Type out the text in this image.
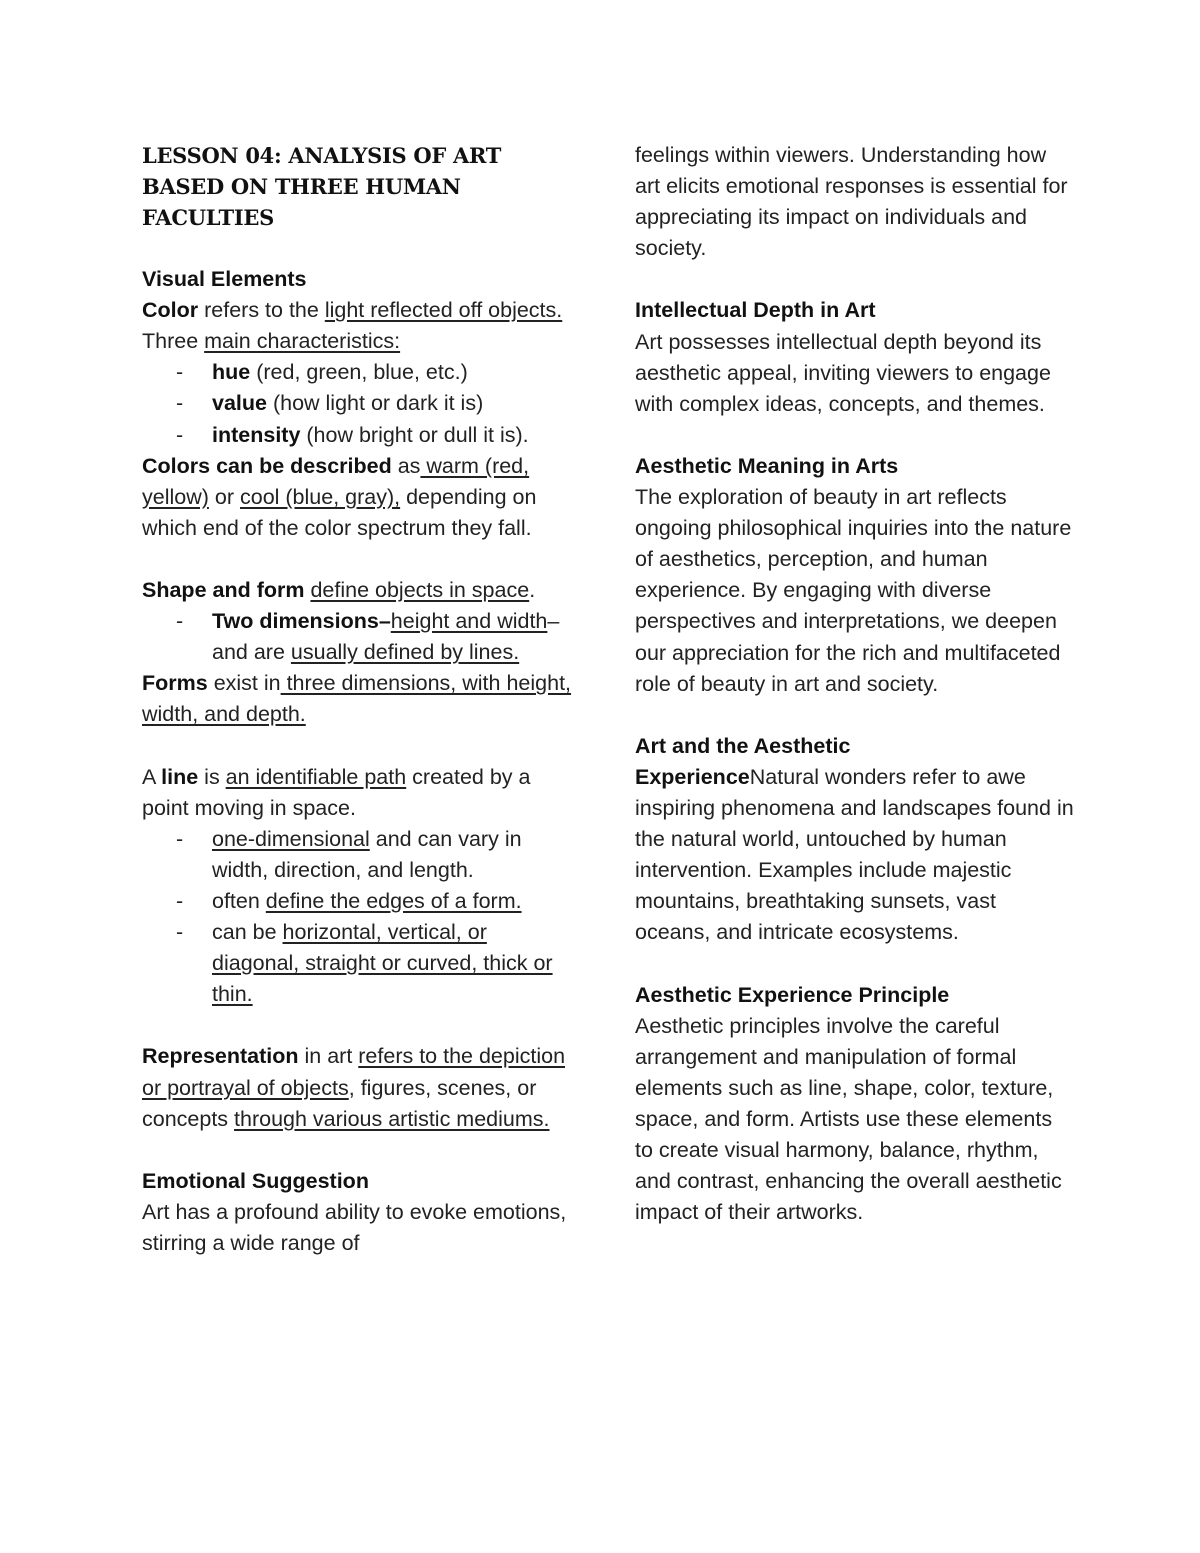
LESSON 04: ANALYSIS OF ART
BASED ON THREE HUMAN
FACULTIES

Visual Elements

Color refers to the light reflected off objects.

Three main characteristics:

- hue (red, green, blue, etc.)
- value (how light or dark it is)
- intensity (how bright or dull it is).

Colors can be described as warm (red, yellow) or cool (blue, gray), depending on which end of the color spectrum they fall.

Shape and form define objects in space.

- Two dimensions–height and width–and are usually defined by lines.

Forms exist in three dimensions, with height, width, and depth.

A line is an identifiable path created by a point moving in space.

- one-dimensional and can vary in width, direction, and length.
- often define the edges of a form.
- can be horizontal, vertical, or diagonal, straight or curved, thick or thin.

Representation in art refers to the depiction or portrayal of objects, figures, scenes, or concepts through various artistic mediums.

Emotional Suggestion

Art has a profound ability to evoke emotions, stirring a wide range of

feelings within viewers. Understanding how art elicits emotional responses is essential for appreciating its impact on individuals and society.

Intellectual Depth in Art

Art possesses intellectual depth beyond its aesthetic appeal, inviting viewers to engage with complex ideas, concepts, and themes.

Aesthetic Meaning in Arts

The exploration of beauty in art reflects ongoing philosophical inquiries into the nature of aesthetics, perception, and human experience. By engaging with diverse perspectives and interpretations, we deepen our appreciation for the rich and multifaceted role of beauty in art and society.

Art and the Aesthetic

ExperienceNatural wonders refer to awe inspiring phenomena and landscapes found in the natural world, untouched by human intervention. Examples include majestic mountains, breathtaking sunsets, vast oceans, and intricate ecosystems.

Aesthetic Experience Principle

Aesthetic principles involve the careful arrangement and manipulation of formal elements such as line, shape, color, texture, space, and form. Artists use these elements to create visual harmony, balance, rhythm, and contrast, enhancing the overall aesthetic impact of their artworks.
